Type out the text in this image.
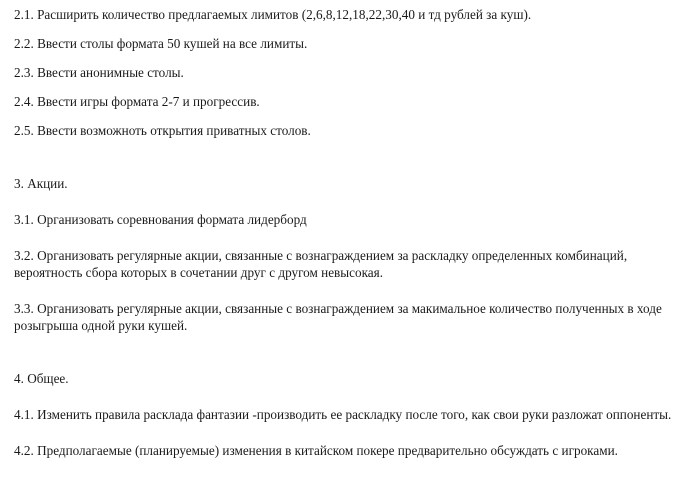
2.1. Расширить количество предлагаемых лимитов (2,6,8,12,18,22,30,40 и тд рублей за куш).

2.2. Ввести столы формата 50 кушей на все лимиты.

2.3. Ввести анонимные столы.

2.4. Ввести игры формата 2-7 и прогрессив.

2.5. Ввести возможноть открытия приватных столов.

3. Акции.

3.1. Организовать соревнования формата лидерборд

3.2. Организовать регулярные акции, связанные с вознаграждением за раскладку определенных комбинаций, вероятность сбора которых в сочетании друг с другом невысокая.

3.3. Организовать регулярные акции, связанные с вознаграждением за макимальное количество полученных в ходе розыгрыша одной руки кушей.

4. Общее.

4.1. Изменить правила расклада фантазии -производить ее раскладку после того, как свои руки разложат оппоненты.

4.2. Предполагаемые (планируемые) изменения в китайском покере предварительно обсуждать с игроками.
